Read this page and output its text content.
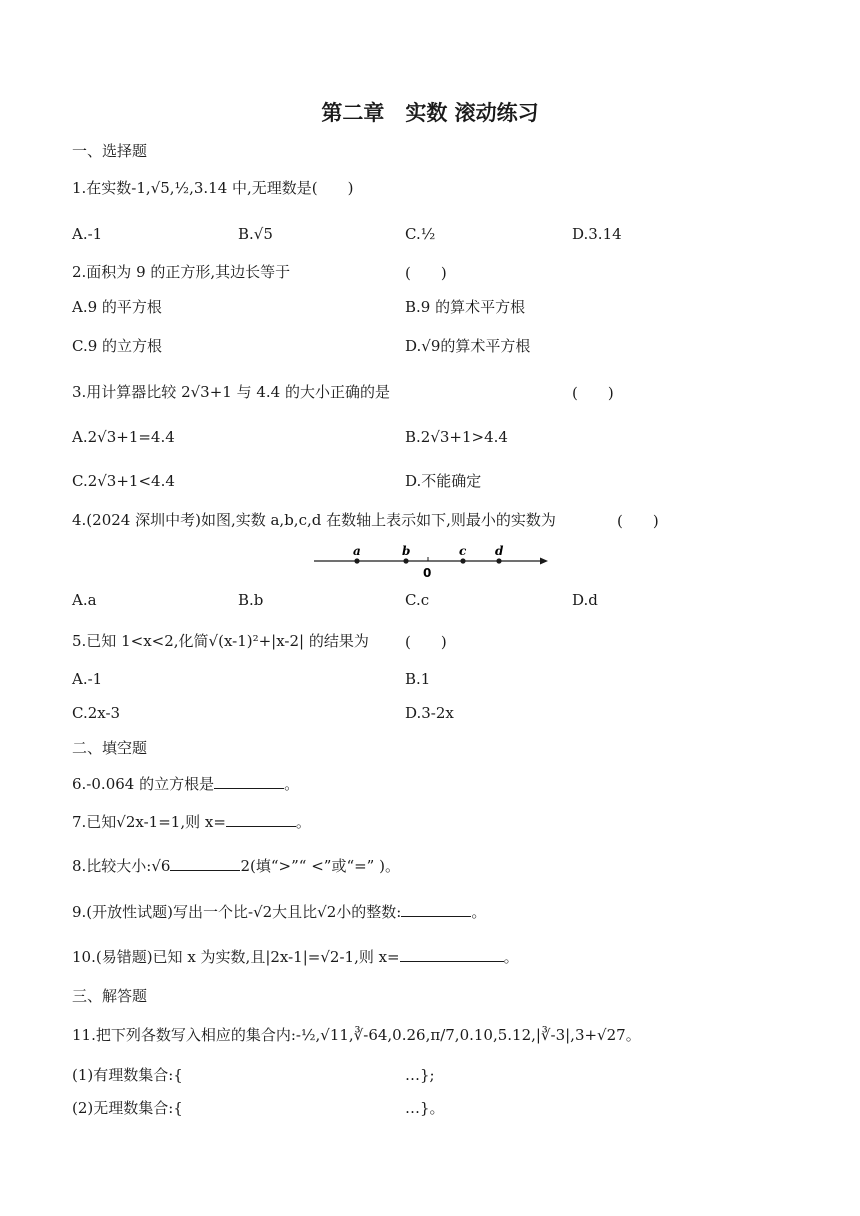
第二章　实数 滚动练习
一、选择题
1.在实数-1,√5,½,3.14 中,无理数是(　　)
A.-1	B.√5	C.½	D.3.14
2.面积为 9 的正方形,其边长等于	(　　)
A.9 的平方根	B.9 的算术平方根
C.9 的立方根	D.√9的算术平方根
3.用计算器比较 2√3+1 与 4.4 的大小正确的是	(　　)
A.2√3+1=4.4	B.2√3+1>4.4
C.2√3+1<4.4	D.不能确定
4.(2024 深圳中考)如图,实数 a,b,c,d 在数轴上表示如下,则最小的实数为	(　　)
a	b	c d
0
A.a	B.b	C.c	D.d
5.已知 1<x<2,化简√(x-1)²+|x-2| 的结果为 (　　)
A.-1	B.1
C.2x-3	D.3-2x
二、填空题
6.-0.064 的立方根是	。
7.已知√2x-1=1,则 x=	。
8.比较大小:√6	2(填“>”“ <”或“=” )。
9.(开放性试题)写出一个比-√2大且比√2小的整数:	。
10.(易错题)已知 x 为实数,且|2x-1|=√2-1,则 x=	。
三、解答题
11.把下列各数写入相应的集合内:-½,√11,∛-64,0.26,π/7,0.10,5.12,|∛-3|,3+√27。
(1)有理数集合:{	…};
(2)无理数集合:{	…}。
